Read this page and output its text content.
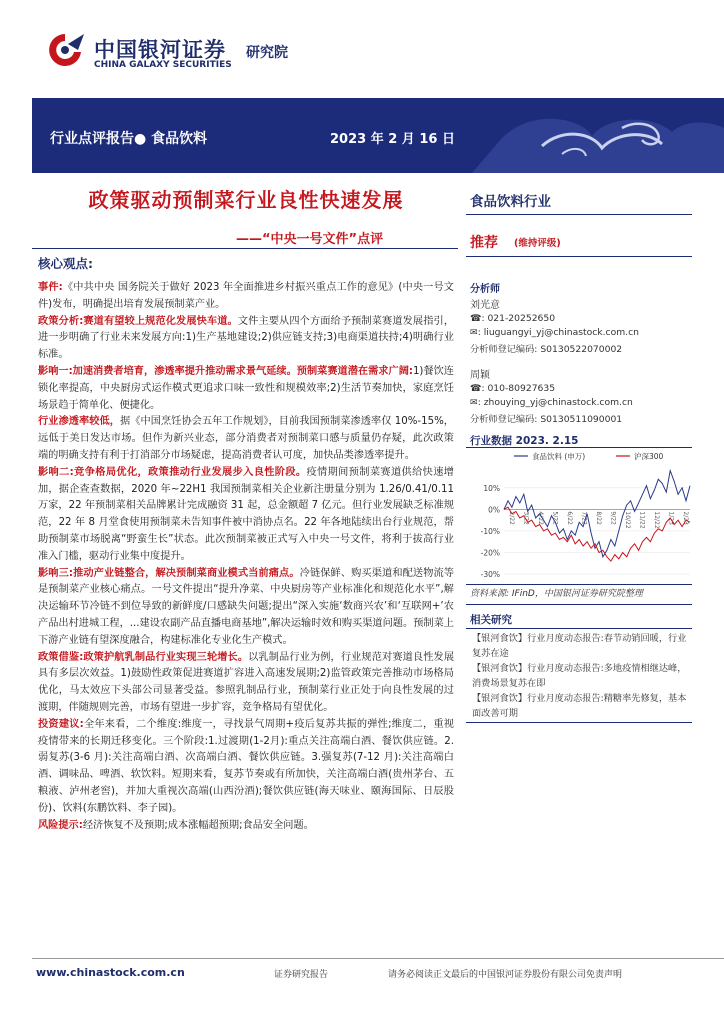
中国银河证券
CHINA GALAXY SECURITIES
研究院
行业点评报告● 食品饮料	2023 年 2 月 16 日
政策驱动预制菜行业良性快速发展
——“中央一号文件”点评
核心观点:

事件:《中共中央 国务院关于做好 2023 年全面推进乡村振兴重点工作的意见》(中央一号文件)发布，明确提出培育发展预制菜产业。

政策分析:赛道有望较上规范化发展快车道。文件主要从四个方面给予预制菜赛道发展指引，进一步明确了行业未来发展方向:1)生产基地建设;2)供应链支持;3)电商渠道扶持;4)明确行业标准。

影响一:加速消费者培育，渗透率提升推动需求景气延续。预制菜赛道潜在需求广阔:1)餐饮连锁化率提高，中央厨房式运作模式更追求口味一致性和规模效率;2)生活节奏加快，家庭烹饪场景趋于简单化、便捷化。

行业渗透率较低，据《中国烹饪协会五年工作规划》，目前我国预制菜渗透率仅 10%-15%，远低于美日发达市场。但作为新兴业态，部分消费者对预制菜口感与质量仍存疑，此次政策端的明确支持有利于打消部分市场疑虑，提高消费者认可度，加快品类渗透率提升。

影响二:竞争格局优化，政策推动行业发展步入良性阶段。疫情期间预制菜赛道供给快速增加，据企查查数据，2020 年~22H1 我国预制菜相关企业新注册量分别为 1.26/0.41/0.11 万家，22 年预制菜相关品牌累计完成融资 31 起，总金额超 7 亿元。但行业发展缺乏标准规范，22 年 8 月堂食使用预制菜未告知事件被中消协点名。22 年各地陆续出台行业规范，帮助预制菜市场脱离“野蛮生长”状态。此次预制菜被正式写入中央一号文件，将利于拔高行业准入门槛，驱动行业集中度提升。

影响三:推动产业链整合，解决预制菜商业模式当前痛点。冷链保鲜、购买渠道和配送物流等是预制菜产业核心痛点。一号文件提出“提升净菜、中央厨房等产业标准化和规范化水平”,解决运输环节冷链不到位导致的新鲜度/口感缺失问题;提出“深入实施‘数商兴农’和‘互联网+’农产品出村进城工程，...建设农副产品直播电商基地”,解决运输时效和购买渠道问题。预制菜上下游产业链有望深度融合，构建标准化专业化生产模式。

政策借鉴:政策护航乳制品行业实现三轮增长。以乳制品行业为例，行业规范对赛道良性发展具有多层次效益。1)鼓励性政策促进赛道扩容进入高速发展期;2)监管政策完善推动市场格局优化，马太效应下头部公司显著受益。参照乳制品行业，预制菜行业正处于向良性发展的过渡期，伴随规则完善，市场有望进一步扩容，竞争格局有望优化。

投资建议:全年来看，二个维度:维度一，寻找景气周期+疫后复苏共振的弹性;维度二，重视疫情带来的长期迁移变化。三个阶段:1.过渡期(1-2月):重点关注高端白酒、餐饮供应链。2.弱复苏(3-6 月):关注高端白酒、次高端白酒、餐饮供应链。3.强复苏(7-12 月):关注高端白酒、调味品、啤酒、软饮料。短期来看，复苏节奏或有所加快，关注高端白酒(贵州茅台、五粮液、泸州老窖)，并加大重视次高端(山西汾酒);餐饮供应链(海天味业、颐海国际、日辰股份)、饮料(东鹏饮料、李子园)。

风险提示:经济恢复不及预期;成本涨幅超预期;食品安全问题。

食品饮料行业
推荐 (维持评级)
分析师
刘光意
☎: 021-20252650
✉: liuguangyi_yj@chinastock.com.cn
分析师登记编码: S0130522070002
周颖
☎: 010-80927635
✉: zhouying_yj@chinastock.com.cn
分析师登记编码: S0130511090001
行业数据 2023. 2.15
10%
0%
-10%
-20%
-30%
2/22 3/22 4/22 5/22 6/22 7/22 8/22 9/22 10/22 11/22 12/22 1/23 2/23
食品饮料 (申万)	沪深300
资料来源: IFinD，中国银河证券研究院整理
相关研究
【银河食饮】行业月度动态报告:春节动销回暖，行业复苏在途
【银河食饮】行业月度动态报告:多地疫情相继达峰，消费场景复苏在即
【银河食饮】行业月度动态报告:精糖率先修复，基本面改善可期
www.chinastock.com.cn	证券研究报告	请务必阅读正文最后的中国银河证券股份有限公司免责声明
